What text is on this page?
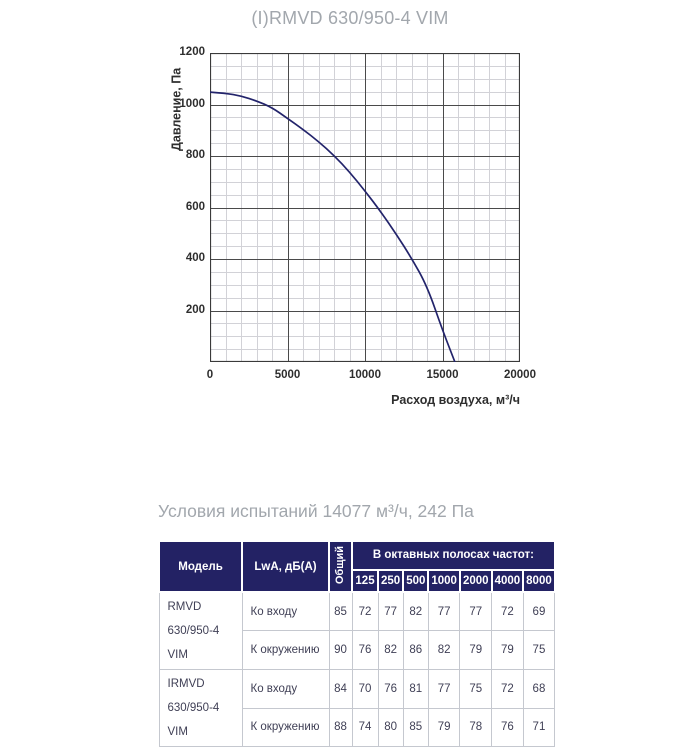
(I)RMVD 630/950-4 VIM
Давление, Па
0	5000	10000	15000	20000
200
400
600
800
1000
1200
Расход воздуха, м³/ч
Условия испытаний 14077 м³/ч, 242 Па
Модель	LwA, дБ(A)	Общий	В октавных полосах частот:						
			125	250	500	1000	2000	4000	8000

RMVD
630/950-4 VIM	Ко входу	85	72	77	82	77	77	72	69
	К окружению	90	76	82	86	82	79	79	75

IRMVD
630/950-4 VIM	Ко входу	84	70	76	81	77	75	72	68
	К окружению	88	74	80	85	79	78	76	71
